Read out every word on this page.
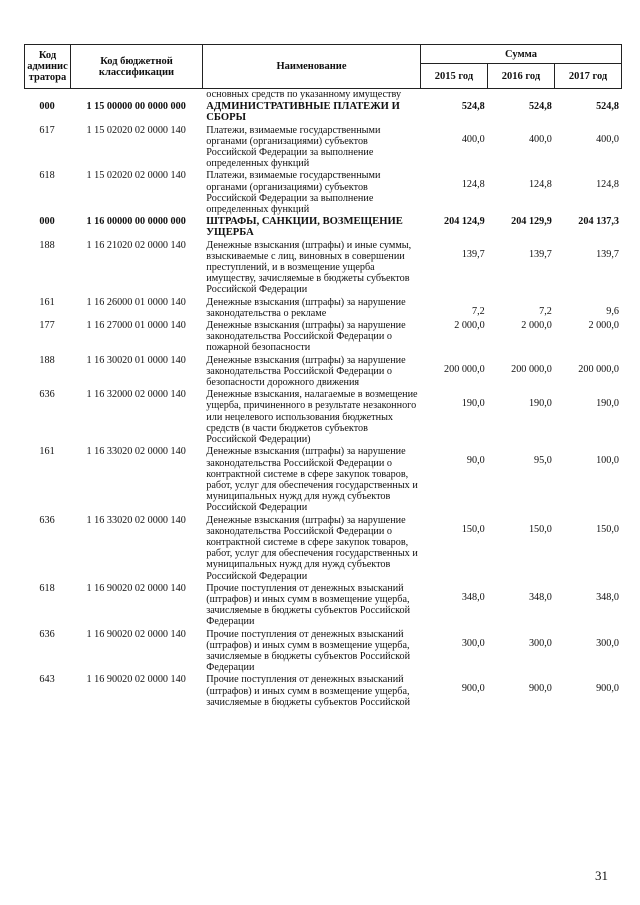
Код админис тратора	Код бюджетной классификации	Наименование	Сумма		
			2015 год	2016 год	2017 год
		основных средств по указанному имуществу			
000	1 15 00000 00 0000 000	АДМИНИСТРАТИВНЫЕ ПЛАТЕЖИ И СБОРЫ	524,8	524,8	524,8
617	1 15 02020 02 0000 140	Платежи, взимаемые государственными органами (организациями) субъектов Российской Федерации за выполнение определенных функций	400,0	400,0	400,0
618	1 15 02020 02 0000 140	Платежи, взимаемые государственными органами (организациями) субъектов Российской Федерации за выполнение определенных функций	124,8	124,8	124,8
000	1 16 00000 00 0000 000	ШТРАФЫ, САНКЦИИ, ВОЗМЕЩЕНИЕ УЩЕРБА	204 124,9	204 129,9	204 137,3
188	1 16 21020 02 0000 140	Денежные взыскания (штрафы) и иные суммы, взыскиваемые с лиц, виновных в совершении преступлений, и в возмещение ущерба имуществу, зачисляемые в бюджеты субъектов Российской Федерации	139,7	139,7	139,7
161	1 16 26000 01 0000 140	Денежные взыскания (штрафы) за нарушение законодательства о рекламе	7,2	7,2	9,6
177	1 16 27000 01 0000 140	Денежные взыскания (штрафы) за нарушение законодательства Российской Федерации о пожарной безопасности	2 000,0	2 000,0	2 000,0
188	1 16 30020 01 0000 140	Денежные взыскания (штрафы) за нарушение законодательства Российской Федерации о безопасности дорожного движения	200 000,0	200 000,0	200 000,0
636	1 16 32000 02 0000 140	Денежные взыскания, налагаемые в возмещение ущерба, причиненного в результате незаконного или нецелевого использования бюджетных средств (в части бюджетов субъектов Российской Федерации)	190,0	190,0	190,0
161	1 16 33020 02 0000 140	Денежные взыскания (штрафы) за нарушение законодательства Российской Федерации о контрактной системе в сфере закупок товаров, работ, услуг для обеспечения государственных и муниципальных нужд для нужд субъектов Российской Федерации	90,0	95,0	100,0
636	1 16 33020 02 0000 140	Денежные взыскания (штрафы) за нарушение законодательства Российской Федерации о контрактной системе в сфере закупок товаров, работ, услуг для обеспечения государственных и муниципальных нужд для нужд субъектов Российской Федерации	150,0	150,0	150,0
618	1 16 90020 02 0000 140	Прочие поступления от денежных взысканий (штрафов) и иных сумм в возмещение ущерба, зачисляемые в бюджеты субъектов Российской Федерации	348,0	348,0	348,0
636	1 16 90020 02 0000 140	Прочие поступления от денежных взысканий (штрафов) и иных сумм в возмещение ущерба, зачисляемые в бюджеты субъектов Российской Федерации	300,0	300,0	300,0
643	1 16 90020 02 0000 140	Прочие поступления от денежных взысканий (штрафов) и иных сумм в возмещение ущерба, зачисляемые в бюджеты субъектов Российской	900,0	900,0	900,0
31
